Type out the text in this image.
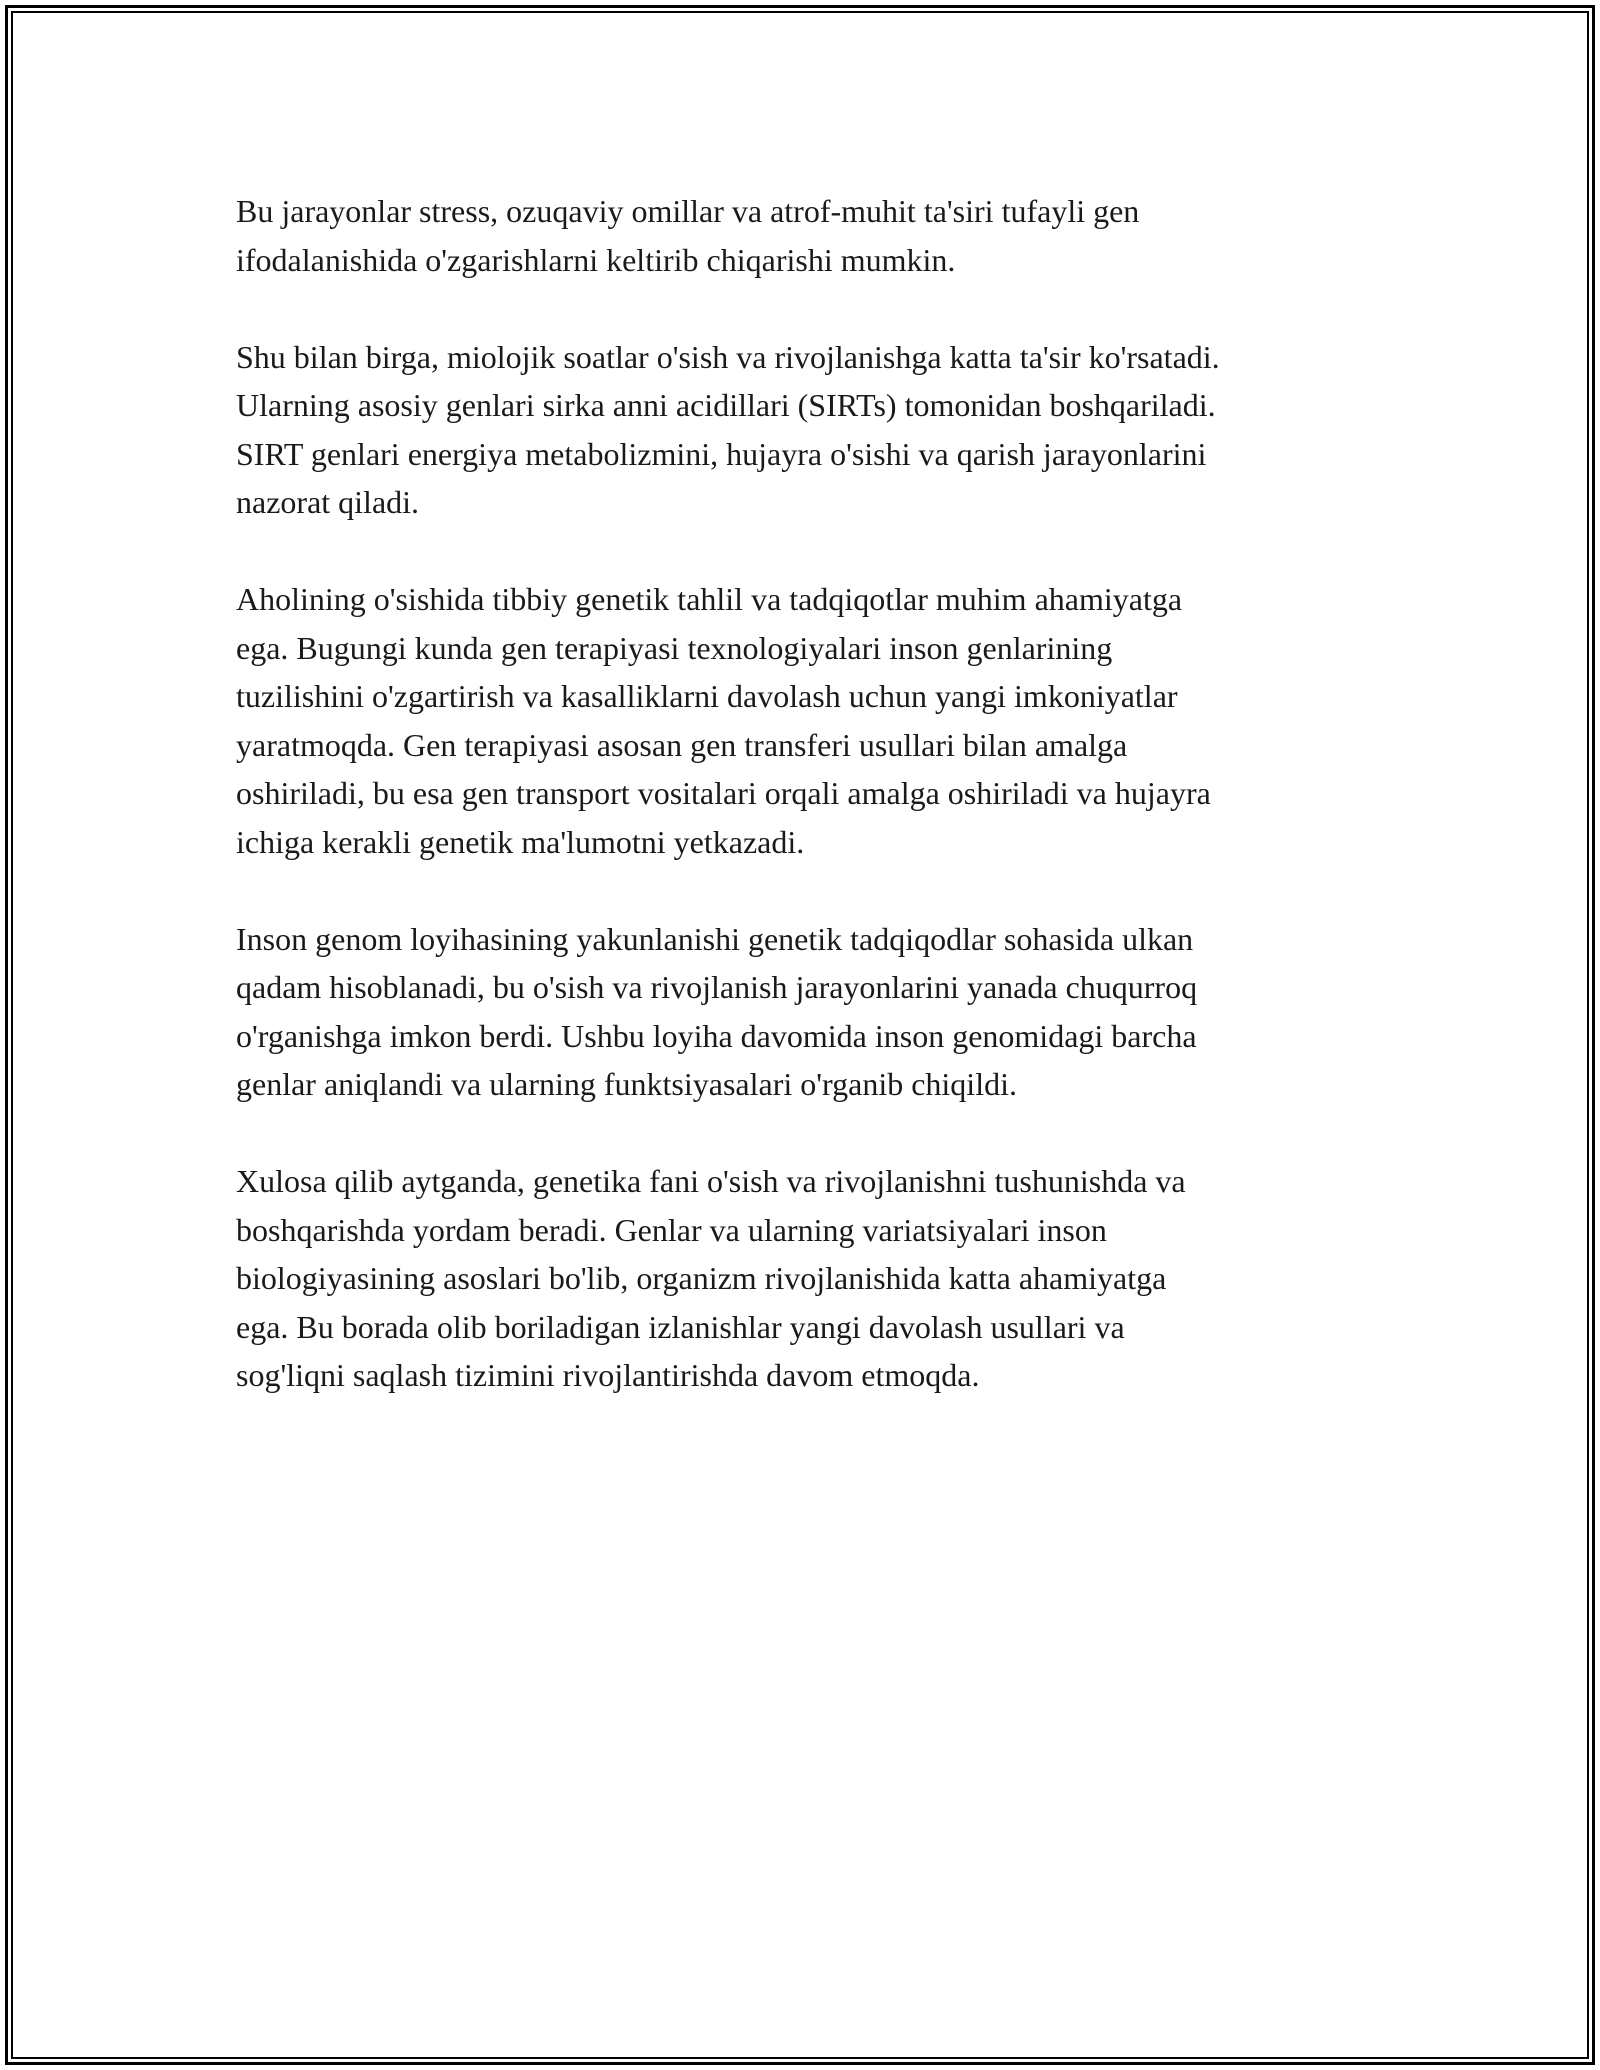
Bu jarayonlar stress, ozuqaviy omillar va atrof-muhit ta'siri tufayli gen
ifodalanishida o'zgarishlarni keltirib chiqarishi mumkin.

Shu bilan birga, miolojik soatlar o'sish va rivojlanishga katta ta'sir ko'rsatadi.
Ularning asosiy genlari sirka anni acidillari (SIRTs) tomonidan boshqariladi.
SIRT genlari energiya metabolizmini, hujayra o'sishi va qarish jarayonlarini
nazorat qiladi.

Aholining o'sishida tibbiy genetik tahlil va tadqiqotlar muhim ahamiyatga
ega. Bugungi kunda gen terapiyasi texnologiyalari inson genlarining
tuzilishini o'zgartirish va kasalliklarni davolash uchun yangi imkoniyatlar
yaratmoqda. Gen terapiyasi asosan gen transferi usullari bilan amalga
oshiriladi, bu esa gen transport vositalari orqali amalga oshiriladi va hujayra
ichiga kerakli genetik ma'lumotni yetkazadi.

Inson genom loyihasining yakunlanishi genetik tadqiqodlar sohasida ulkan
qadam hisoblanadi, bu o'sish va rivojlanish jarayonlarini yanada chuqurroq
o'rganishga imkon berdi. Ushbu loyiha davomida inson genomidagi barcha
genlar aniqlandi va ularning funktsiyasalari o'rganib chiqildi.

Xulosa qilib aytganda, genetika fani o'sish va rivojlanishni tushunishda va
boshqarishda yordam beradi. Genlar va ularning variatsiyalari inson
biologiyasining asoslari bo'lib, organizm rivojlanishida katta ahamiyatga
ega. Bu borada olib boriladigan izlanishlar yangi davolash usullari va
sog'liqni saqlash tizimini rivojlantirishda davom etmoqda.
